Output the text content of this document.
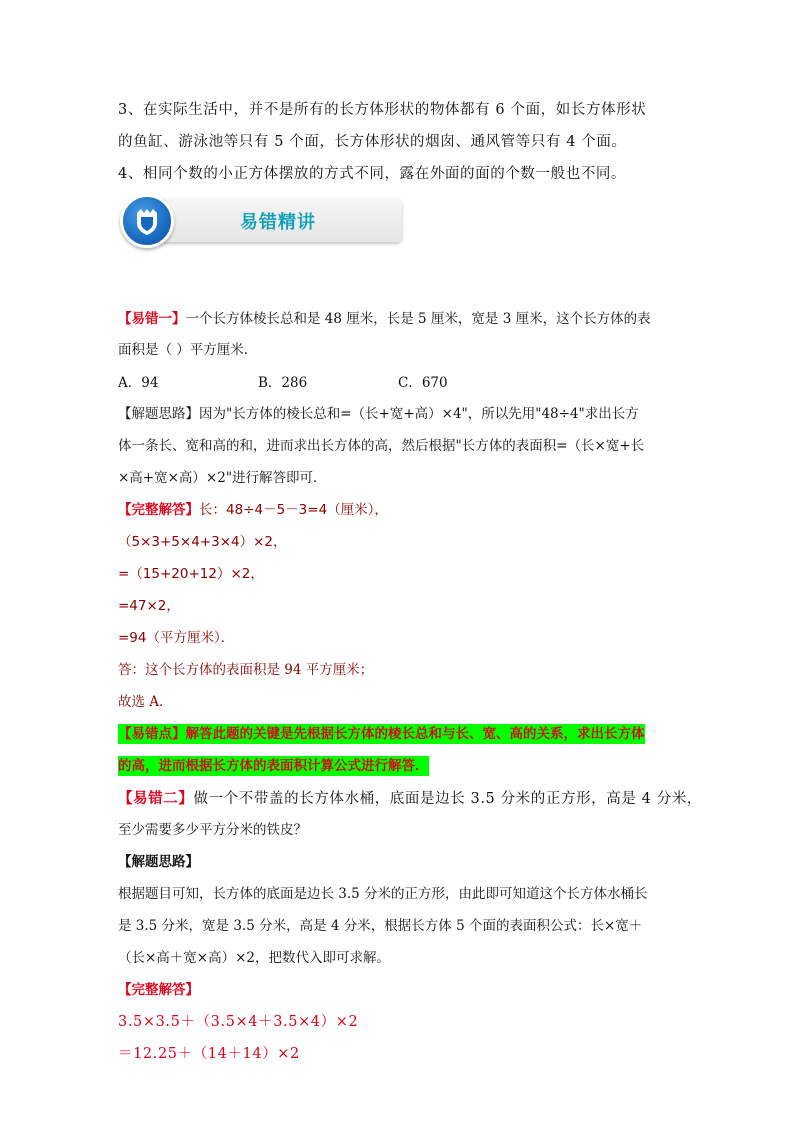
3、在实际生活中，并不是所有的长方体形状的物体都有 6 个面，如长方体形状
的鱼缸、游泳池等只有 5 个面，长方体形状的烟囱、通风管等只有 4 个面。
4、相同个数的小正方体摆放的方式不同，露在外面的面的个数一般也不同。
易错精讲
【易错一】一个长方体棱长总和是 48 厘米，长是 5 厘米，宽是 3 厘米，这个长方体的表
面积是（ ）平方厘米．
A．94	B．286	C．670
【解题思路】因为"长方体的棱长总和=（长+宽+高）×4"，所以先用"48÷4"求出长方
体一条长、宽和高的和，进而求出长方体的高，然后根据"长方体的表面积=（长×宽+长
×高+宽×高）×2"进行解答即可．
【完整解答】长：48÷4－5－3=4（厘米），
（5×3+5×4+3×4）×2，
=（15+20+12）×2，
=47×2，
=94（平方厘米）．
答：这个长方体的表面积是 94 平方厘米；
故选 A．
【易错点】解答此题的关键是先根据长方体的棱长总和与长、宽、高的关系，求出长方体
的高，进而根据长方体的表面积计算公式进行解答．
【易错二】做一个不带盖的长方体水桶，底面是边长 3.5 分米的正方形，高是 4 分米，
至少需要多少平方分米的铁皮？
【解题思路】
根据题目可知，长方体的底面是边长 3.5 分米的正方形，由此即可知道这个长方体水桶长
是 3.5 分米，宽是 3.5 分米，高是 4 分米，根据长方体 5 个面的表面积公式：长×宽＋
（长×高＋宽×高）×2，把数代入即可求解。
【完整解答】
3.5×3.5＋（3.5×4＋3.5×4）×2
＝12.25＋（14＋14）×2
